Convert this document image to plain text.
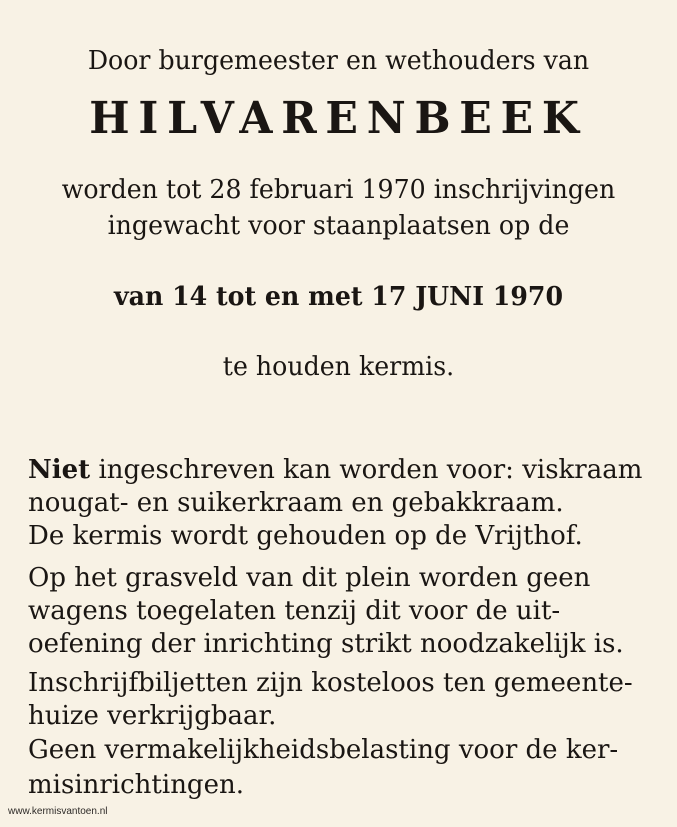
Door burgemeester en wethouders van
HILVARENBEEK
worden tot 28 februari 1970 inschrijvingen
ingewacht voor staanplaatsen op de
van 14 tot en met 17 JUNI 1970
te houden kermis.
Niet ingeschreven kan worden voor: viskraam
nougat- en suikerkraam en gebakkraam.
De kermis wordt gehouden op de Vrijthof.
Op het grasveld van dit plein worden geen
wagens toegelaten tenzij dit voor de uit-
oefening der inrichting strikt noodzakelijk is.
Inschrijfbiljetten zijn kosteloos ten gemeente-
huize verkrijgbaar.
Geen vermakelijkheidsbelasting voor de ker-
misinrichtingen.
www.kermisvantoen.nl
